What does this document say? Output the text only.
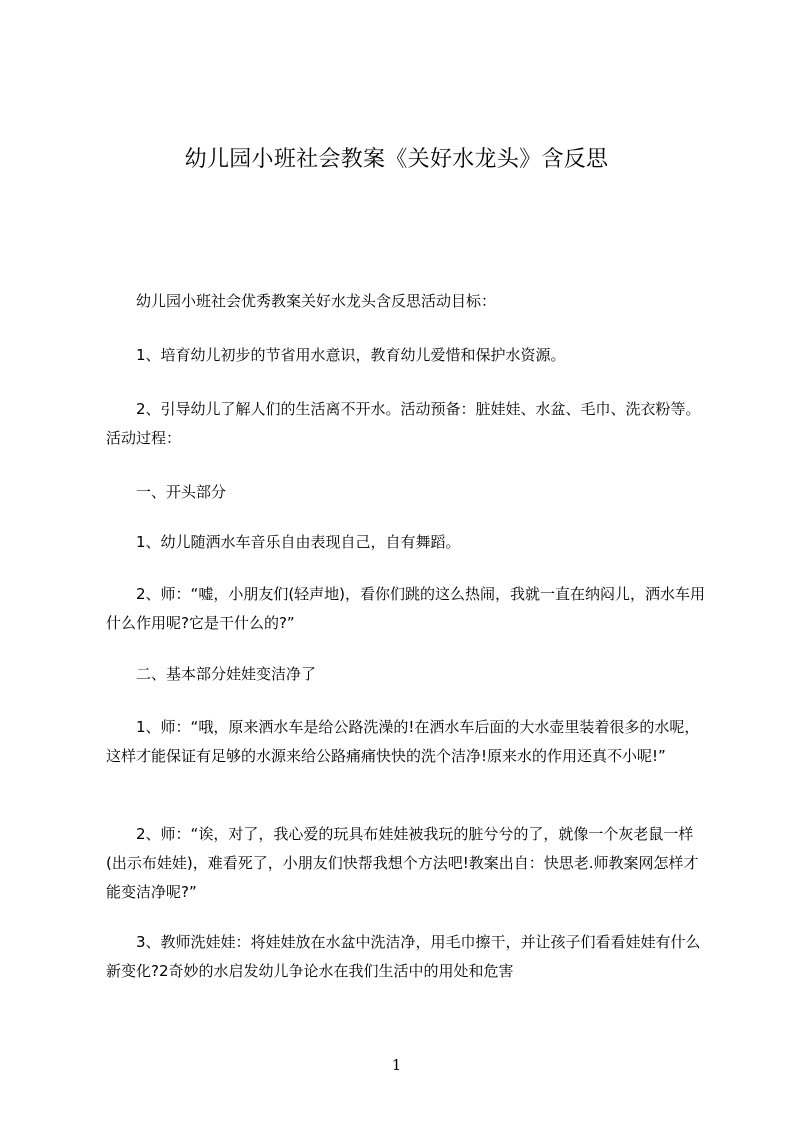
幼儿园小班社会教案《关好水龙头》含反思
幼儿园小班社会优秀教案关好水龙头含反思活动目标：
1、培育幼儿初步的节省用水意识，教育幼儿爱惜和保护水资源。
2、引导幼儿了解人们的生活离不开水。活动预备：脏娃娃、水盆、毛巾、洗衣粉等。活动过程：
一、开头部分
1、幼儿随洒水车音乐自由表现自己，自有舞蹈。
2、师：“嘘，小朋友们(轻声地)，看你们跳的这么热闹，我就一直在纳闷儿，洒水车用什么作用呢?它是干什么的?”
二、基本部分娃娃变洁净了
1、师：“哦，原来洒水车是给公路洗澡的!在洒水车后面的大水壶里装着很多的水呢，这样才能保证有足够的水源来给公路痛痛快快的洗个洁净!原来水的作用还真不小呢!”
2、师：“诶，对了，我心爱的玩具布娃娃被我玩的脏兮兮的了，就像一个灰老鼠一样(出示布娃娃)，难看死了，小朋友们快帮我想个方法吧!教案出自：快思老.师教案网怎样才能变洁净呢?”
3、教师洗娃娃：将娃娃放在水盆中洗洁净，用毛巾擦干，并让孩子们看看娃娃有什么新变化?2奇妙的水启发幼儿争论水在我们生活中的用处和危害
1
